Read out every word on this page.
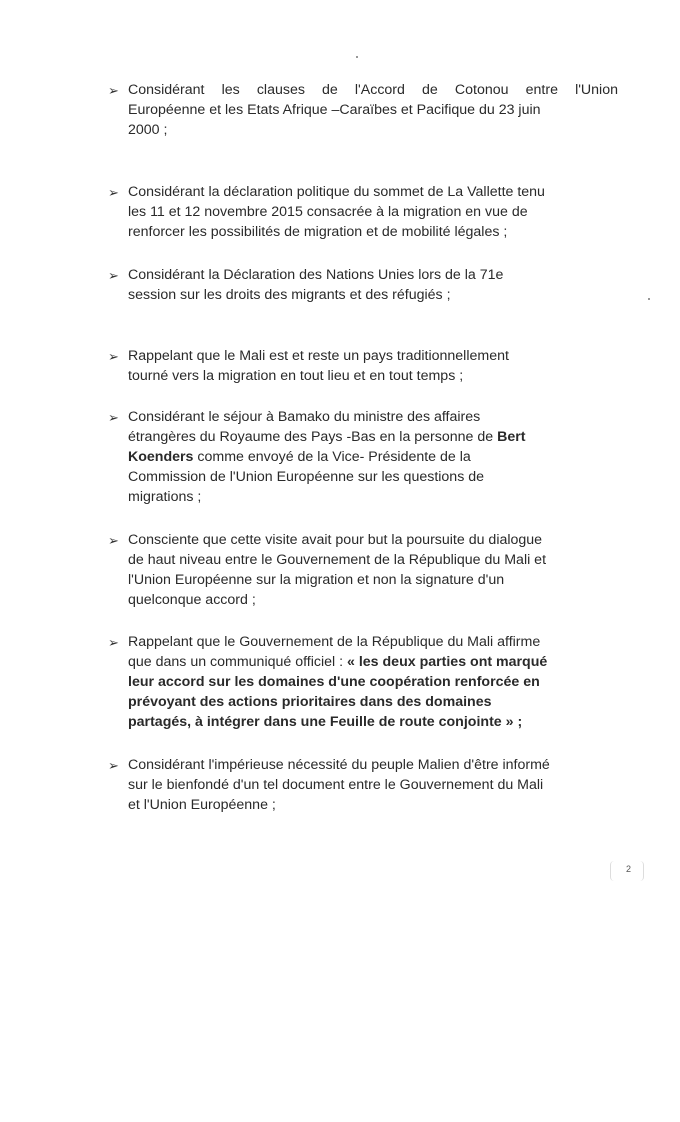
➢ Considérant les clauses de l'Accord de Cotonou entre l'Union
Européenne et les Etats Afrique –Caraïbes et Pacifique du 23 juin
2000 ;
➢ Considérant la déclaration politique du sommet de La Vallette tenu
les 11 et 12 novembre 2015 consacrée à la migration en vue de
renforcer les possibilités de migration et de mobilité légales ;
➢ Considérant la Déclaration des Nations Unies lors de la 71e
session sur les droits des migrants et des réfugiés ;
➢ Rappelant que le Mali est et reste un pays traditionnellement
tourné vers la migration en tout lieu et en tout temps ;
➢ Considérant le séjour à Bamako du ministre des affaires
étrangères du Royaume des Pays -Bas en la personne de Bert
Koenders comme envoyé de la Vice- Présidente de la
Commission de l'Union Européenne sur les questions de
migrations ;
➢ Consciente que cette visite avait pour but la poursuite du dialogue
de haut niveau entre le Gouvernement de la République du Mali et
l'Union Européenne sur la migration et non la signature d'un
quelconque accord ;
➢ Rappelant que le Gouvernement de la République du Mali affirme
que dans un communiqué officiel : « les deux parties ont marqué
leur accord sur les domaines d'une coopération renforcée en
prévoyant des actions prioritaires dans des domaines
partagés, à intégrer dans une Feuille de route conjointe » ;
➢ Considérant l'impérieuse nécessité du peuple Malien d'être informé
sur le bienfondé d'un tel document entre le Gouvernement du Mali
et l'Union Européenne ;
2
